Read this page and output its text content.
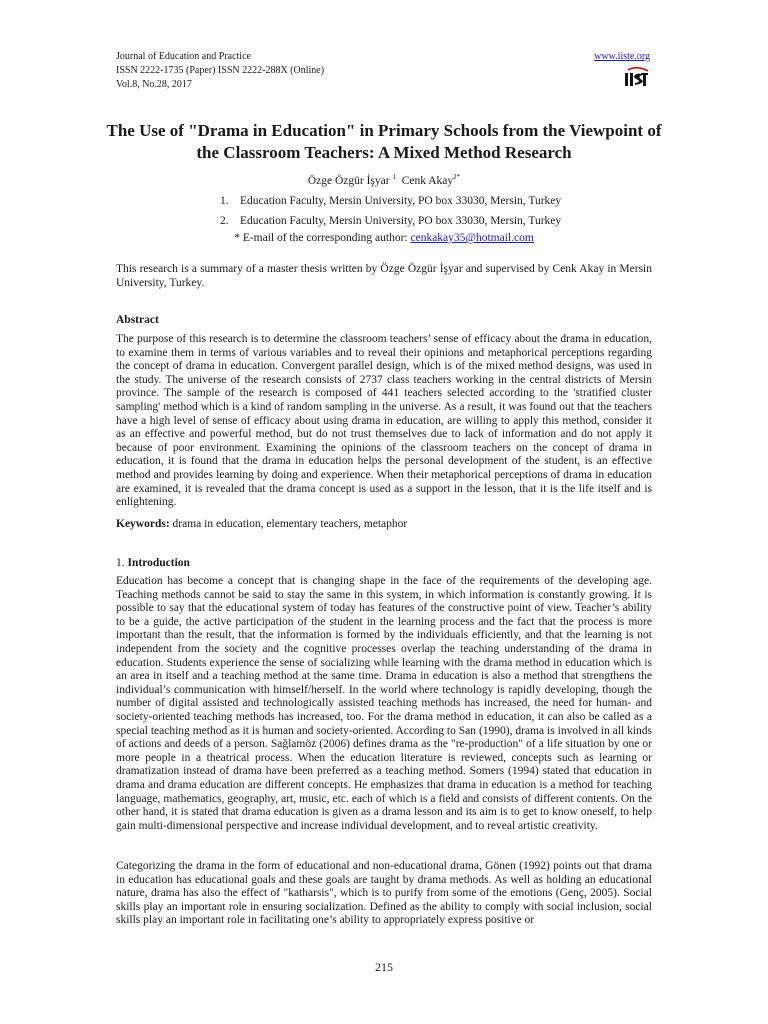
Journal of Education and Practice
ISSN 2222-1735 (Paper) ISSN 2222-288X (Online)
Vol.8, No.28, 2017
www.iiste.org
The Use of "Drama in Education" in Primary Schools from the Viewpoint of the Classroom Teachers: A Mixed Method Research
Özge Özgür İşyar $^1$ Cenk Akay$^{2*}$
1. Education Faculty, Mersin University, PO box 33030, Mersin, Turkey
2. Education Faculty, Mersin University, PO box 33030, Mersin, Turkey
* E-mail of the corresponding author: cenkakay35@hotmail.com
This research is a summary of a master thesis written by Özge Özgür İşyar and supervised by Cenk Akay in Mersin University, Turkey.
Abstract
The purpose of this research is to determine the classroom teachers’ sense of efficacy about the drama in education, to examine them in terms of various variables and to reveal their opinions and metaphorical perceptions regarding the concept of drama in education. Convergent parallel design, which is of the mixed method designs, was used in the study. The universe of the research consists of 2737 class teachers working in the central districts of Mersin province. The sample of the research is composed of 441 teachers selected according to the 'stratified cluster sampling' method which is a kind of random sampling in the universe. As a result, it was found out that the teachers have a high level of sense of efficacy about using drama in education, are willing to apply this method, consider it as an effective and powerful method, but do not trust themselves due to lack of information and do not apply it because of poor environment. Examining the opinions of the classroom teachers on the concept of drama in education, it is found that the drama in education helps the personal development of the student, is an effective method and provides learning by doing and experience. When their metaphorical perceptions of drama in education are examined, it is revealed that the drama concept is used as a support in the lesson, that it is the life itself and is enlightening.
Keywords: drama in education, elementary teachers, metaphor
1. Introduction
Education has become a concept that is changing shape in the face of the requirements of the developing age. Teaching methods cannot be said to stay the same in this system, in which information is constantly growing. It is possible to say that the educational system of today has features of the constructive point of view. Teacher’s ability to be a guide, the active participation of the student in the learning process and the fact that the process is more important than the result, that the information is formed by the individuals efficiently, and that the learning is not independent from the society and the cognitive processes overlap the teaching understanding of the drama in education. Students experience the sense of socializing while learning with the drama method in education which is an area in itself and a teaching method at the same time. Drama in education is also a method that strengthens the individual’s communication with himself/herself. In the world where technology is rapidly developing, though the number of digital assisted and technologically assisted teaching methods has increased, the need for human- and society-oriented teaching methods has increased, too. For the drama method in education, it can also be called as a special teaching method as it is human and society-oriented. According to San (1990), drama is involved in all kinds of actions and deeds of a person. Sağlamöz (2006) defines drama as the "re-production" of a life situation by one or more people in a theatrical process. When the education literature is reviewed, concepts such as learning or dramatization instead of drama have been preferred as a teaching method. Somers (1994) stated that education in drama and drama education are different concepts. He emphasizes that drama in education is a method for teaching language, mathematics, geography, art, music, etc. each of which is a field and consists of different contents. On the other hand, it is stated that drama education is given as a drama lesson and its aim is to get to know oneself, to help gain multi-dimensional perspective and increase individual development, and to reveal artistic creativity.
Categorizing the drama in the form of educational and non-educational drama, Gönen (1992) points out that drama in education has educational goals and these goals are taught by drama methods. As well as holding an educational nature, drama has also the effect of "katharsis", which is to purify from some of the emotions (Genç, 2005). Social skills play an important role in ensuring socialization. Defined as the ability to comply with social inclusion, social skills play an important role in facilitating one’s ability to appropriately express positive or
215
